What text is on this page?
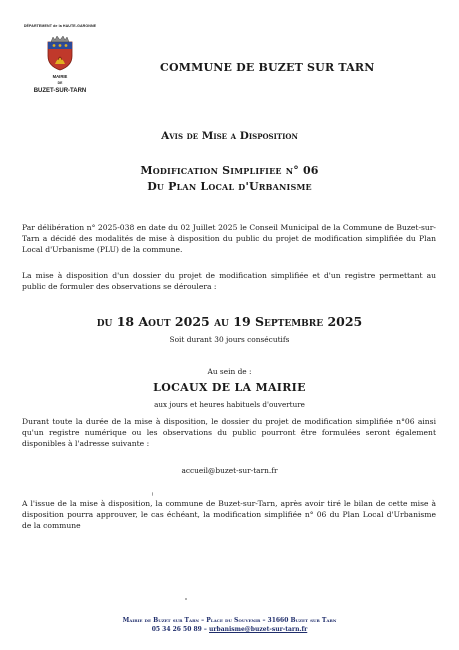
DÉPARTEMENT de la HAUTE-GARONNE
MAIRIE
DE
BUZET-SUR-TARN
COMMUNE DE BUZET SUR TARN
Avis de Mise a Disposition
Modification Simplifiee n° 06
Du Plan Local d'Urbanisme
Par délibération n° 2025-038 en date du 02 Juillet 2025 le Conseil Municipal de la Commune de Buzet-sur-Tarn a décidé des modalités de mise à disposition du public du projet de modification simplifiée du Plan Local d'Urbanisme (PLU) de la commune.
La mise à disposition d'un dossier du projet de modification simplifiée et d'un registre permettant au public de formuler des observations se déroulera :
du 18 Aout 2025 au 19 Septembre 2025
Soit durant 30 jours consécutifs
Au sein de :
LOCAUX DE LA MAIRIE
aux jours et heures habituels d'ouverture
Durant toute la durée de la mise à disposition, le dossier du projet de modification simplifiée n°06 ainsi qu'un registre numérique ou les observations du public pourront être formulées seront également disponibles à l'adresse suivante :
accueil@buzet-sur-tarn.fr
A l'issue de la mise à disposition, la commune de Buzet-sur-Tarn, après avoir tiré le bilan de cette mise à disposition pourra approuver, le cas échéant, la modification simplifiée n° 06 du Plan Local d'Urbanisme de la commune
Mairie de Buzet sur Tarn – Place du Souvenir – 31660 Buzet sur Tarn
05 34 26 50 89 – urbanisme@buzet-sur-tarn.fr
